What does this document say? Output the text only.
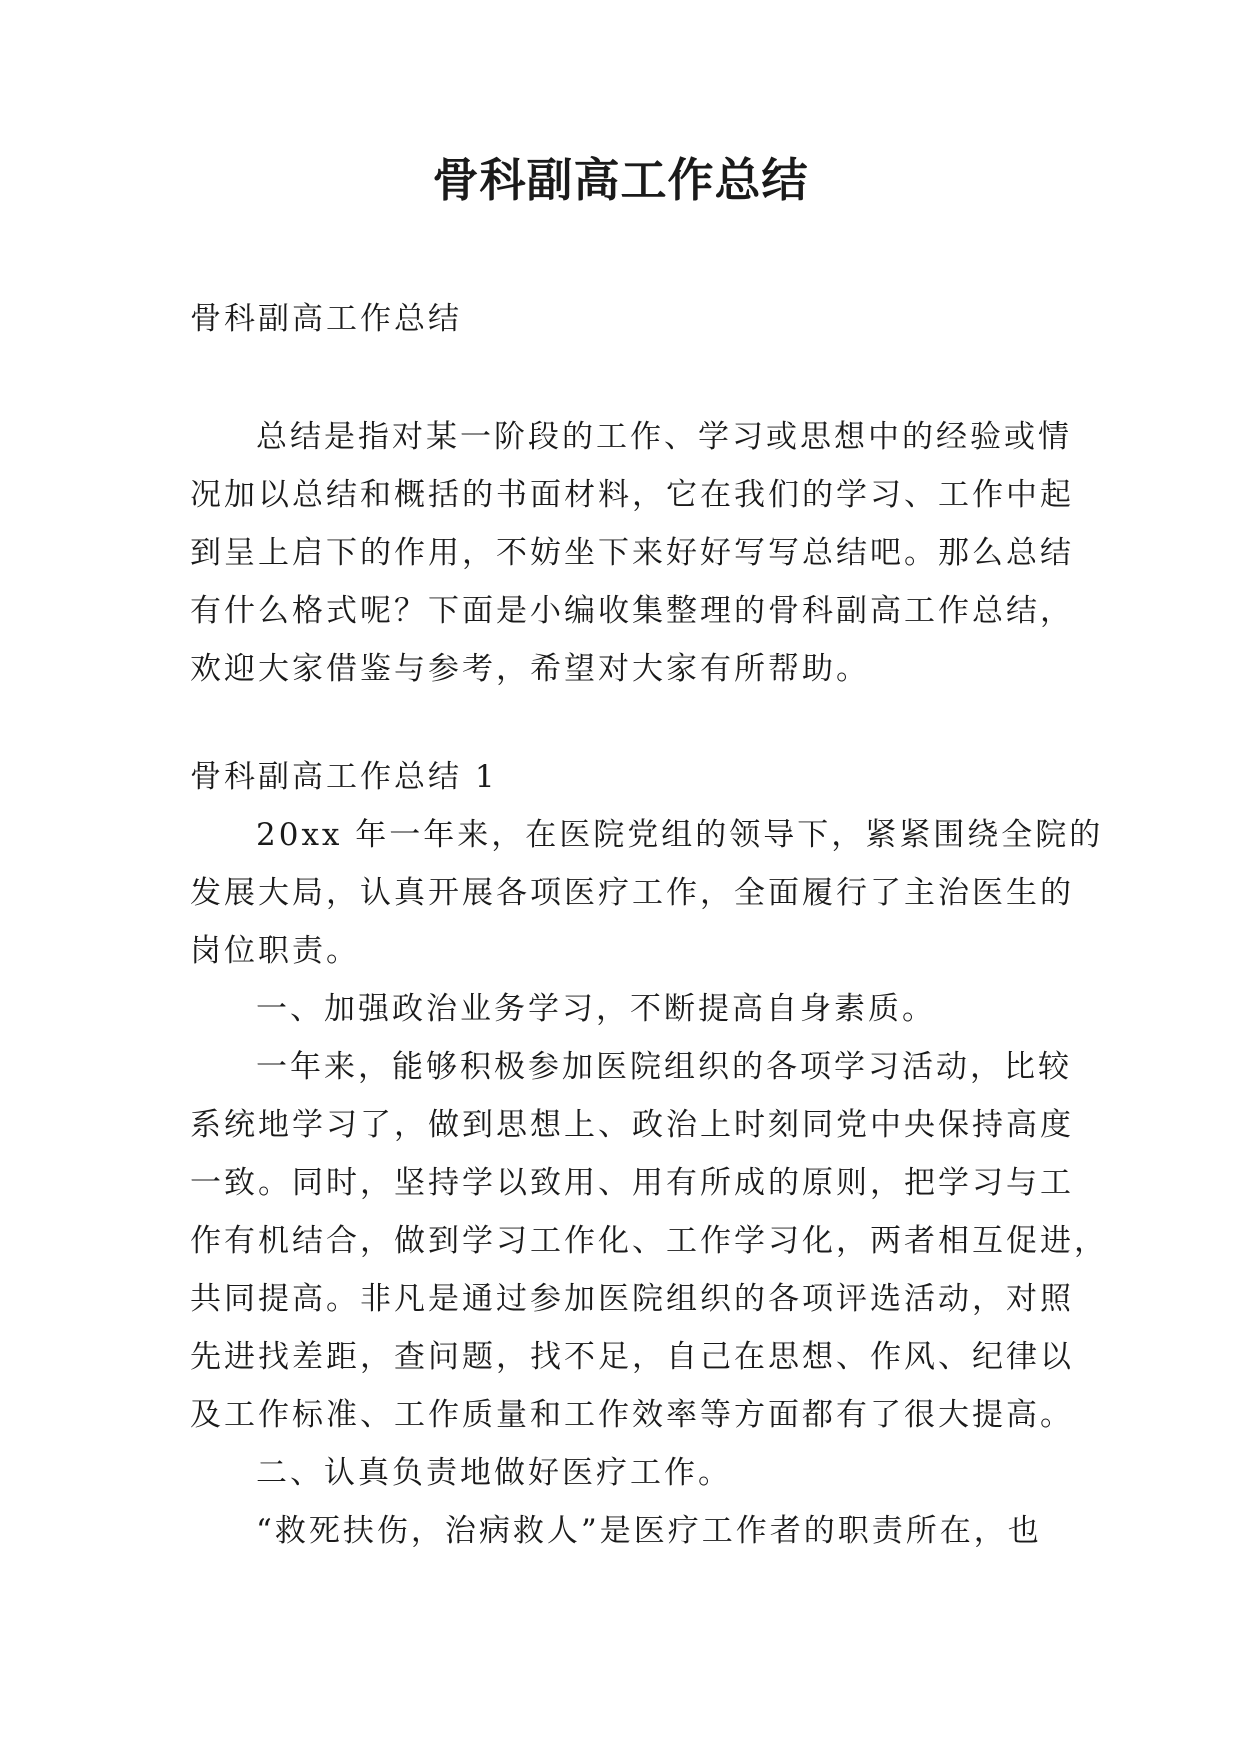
骨科副高工作总结

骨科副高工作总结

总结是指对某一阶段的工作、学习或思想中的经验或情

况加以总结和概括的书面材料，它在我们的学习、工作中起

到呈上启下的作用，不妨坐下来好好写写总结吧。那么总结

有什么格式呢？下面是小编收集整理的骨科副高工作总结，

欢迎大家借鉴与参考，希望对大家有所帮助。

骨科副高工作总结 1

20xx 年一年来，在医院党组的领导下，紧紧围绕全院的

发展大局，认真开展各项医疗工作，全面履行了主治医生的

岗位职责。

一、加强政治业务学习，不断提高自身素质。

一年来，能够积极参加医院组织的各项学习活动，比较

系统地学习了，做到思想上、政治上时刻同党中央保持高度

一致。同时，坚持学以致用、用有所成的原则，把学习与工

作有机结合，做到学习工作化、工作学习化，两者相互促进，

共同提高。非凡是通过参加医院组织的各项评选活动，对照

先进找差距，查问题，找不足，自己在思想、作风、纪律以

及工作标准、工作质量和工作效率等方面都有了很大提高。

二、认真负责地做好医疗工作。

“救死扶伤，治病救人”是医疗工作者的职责所在，也
